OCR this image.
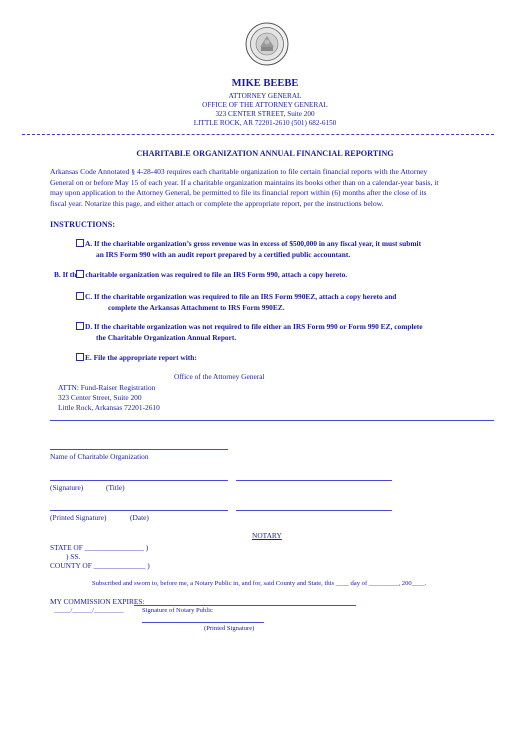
MIKE BEEBE
ATTORNEY GENERAL
OFFICE OF THE ATTORNEY GENERAL
323 CENTER STREET, Suite 200
LITTLE ROCK, AR 72201-2610 (501) 682-6150
CHARITABLE ORGANIZATION ANNUAL FINANCIAL REPORTING

Arkansas Code Annotated § 4-28-403 requires each charitable organization to file certain financial reports with the Attorney

General on or before May 15 of each year. If a charitable organization maintains its books other than on a calendar-year basis, it

may upon application to the Attorney General, be permitted to file its financial report within (6) months after the close of its

fiscal year. Notarize this page, and either attach or complete the appropriate report, per the instructions below.

INSTRUCTIONS:
A. If the charitable organization’s gross revenue was in excess of $500,000 in any fiscal year, it must submit
an IRS Form 990 with an audit report prepared by a certified public accountant.
B. If th charitable organization was required to file an IRS Form 990, attach a copy hereto.
C. If the charitable organization was required to file an IRS Form 990EZ, attach a copy hereto and
complete the Arkansas Attachment to IRS Form 990EZ.
D. If the charitable organization was not required to file either an IRS Form 990 or Form 990 EZ, complete
the Charitable Organization Annual Report.
E. File the appropriate report with:
Office of the Attorney General
ATTN: Fund-Raiser Registration
323 Center Street, Suite 200
Little Rock, Arkansas 72201-2610
Name of Charitable Organization
(Signature)	(Title)
(Printed Signature)	(Date)
NOTARY
STATE OF ________________ )
) SS.
COUNTY OF ______________ )
Subscribed and sworn to, before me, a Notary Public in, and for, said County and State, this ____ day of _________, 200____.
MY COMMISSION EXPIRES:
_____/______/_________	Signature of Notary Public
(Printed Signature)
